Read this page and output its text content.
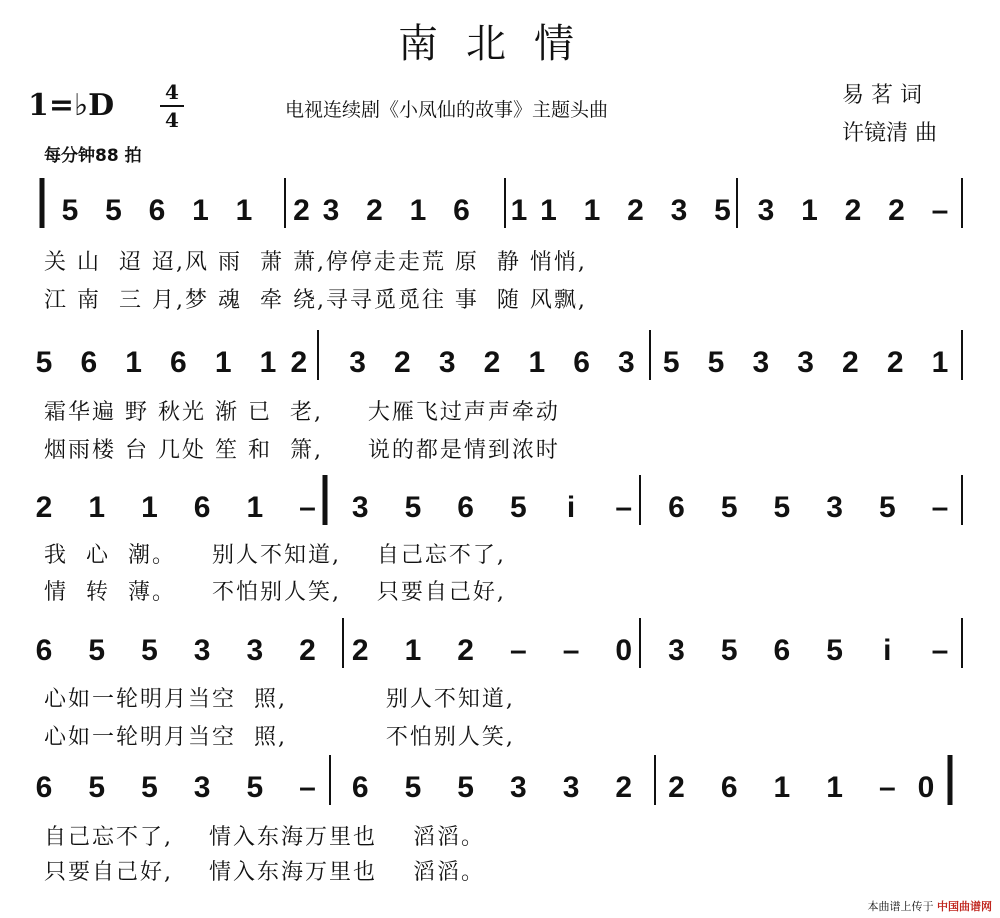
南北情
1=♭D	4
4	电视连续剧《小凤仙的故事》主题头曲
易 茗 词
许镜清 曲
每分钟88 拍
5 5 6 1 1 2 3 2 1 6 1 1 1 2 3 5 3 1 2 2 –
5 6 1 6 1 1 2 3 2 3 2 1 6 3 5 5 3 3 2 2 1
2 1 1 6 1 – 3 5 6 5 i – 6 5 5 3 5 –
6 5 5 3 3 2 2 1 2 – – 0 3 5 6 5 i –
6 5 5 3 5 – 6 5 5 3 3 2 2 6 1 1 – 0
本曲谱上传于 中国曲谱网
关 山  迢 迢,风 雨  萧 萧,停停走走荒 原  静 悄悄,
江 南  三 月,梦 魂  牵 绕,寻寻觅觅往 事  随 风飘,
霜华遍 野 秋光 渐 已  老,     大雁飞过声声牵动
烟雨楼 台 几处 笙 和  箫,     说的都是情到浓时
我  心  潮。    别人不知道,    自己忘不了,
情  转  薄。    不怕别人笑,    只要自己好,
心如一轮明月当空  照,           别人不知道,
心如一轮明月当空  照,           不怕别人笑,
自己忘不了,    情入东海万里也    滔滔。
只要自己好,    情入东海万里也    滔滔。
